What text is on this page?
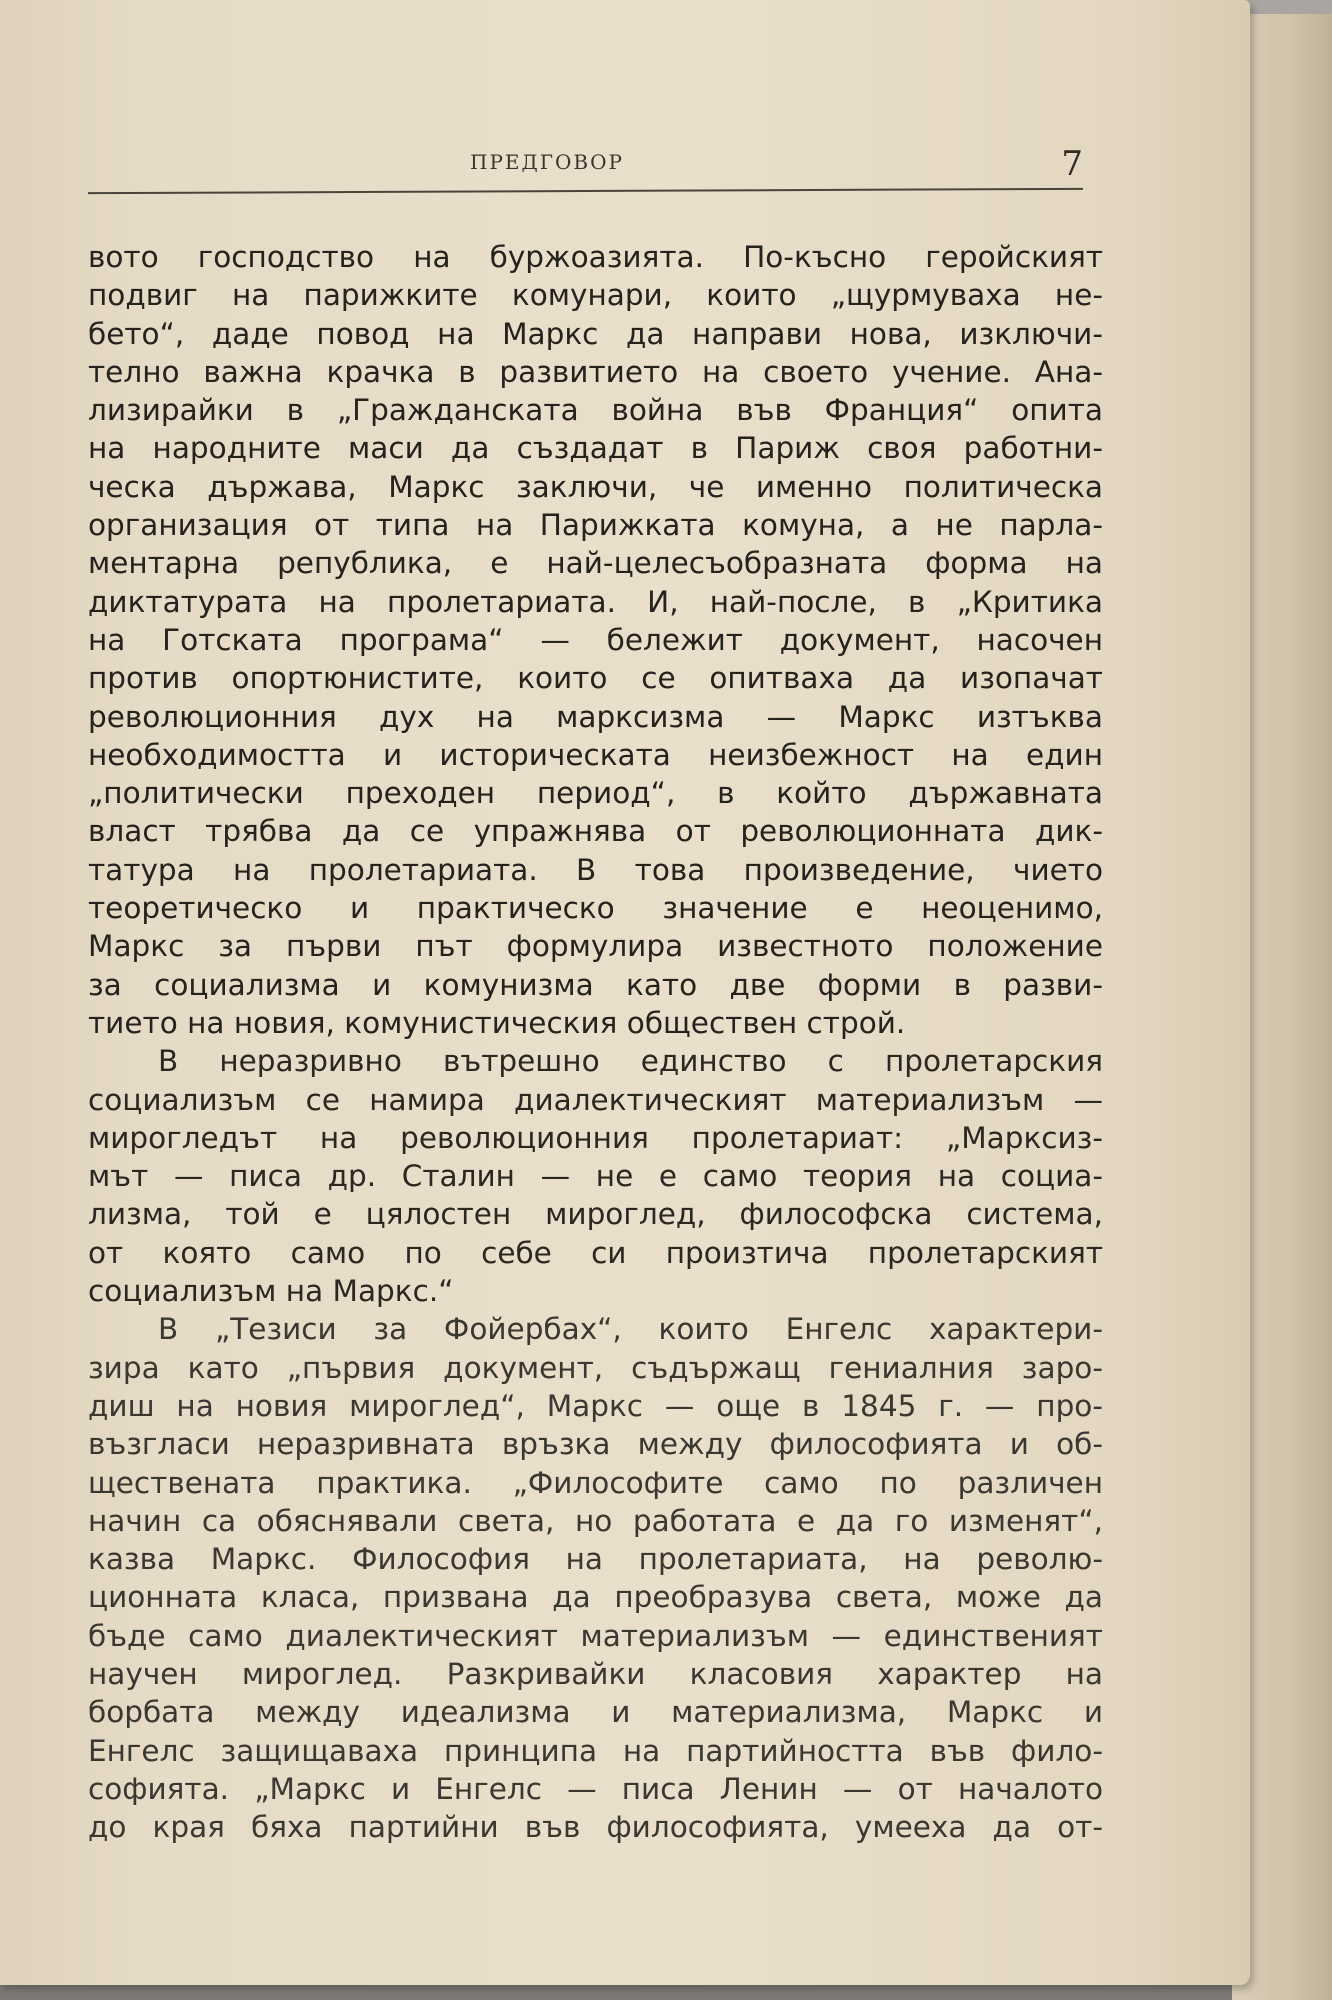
ПРЕДГОВОР	7
вото господство на буржоазията. По-късно геройският
подвиг на парижките комунари, които „щурмуваха не-
бето“, даде повод на Маркс да направи нова, изключи-
телно важна крачка в развитието на своето учение. Ана-
лизирайки в „Гражданската война във Франция“ опита
на народните маси да създадат в Париж своя работни-
ческа държава, Маркс заключи, че именно политическа
организация от типа на Парижката комуна, а не парла-
ментарна република, е най-целесъобразната форма на
диктатурата на пролетариата. И, най-после, в „Критика
на Готската програма“ — бележит документ, насочен
против опортюнистите, които се опитваха да изопачат
революционния дух на марксизма — Маркс изтъква
необходимостта и историческата неизбежност на един
„политически преходен период“, в който държавната
власт трябва да се упражнява от революционната дик-
татура на пролетариата. В това произведение, чието
теоретическо и практическо значение е неоценимо,
Маркс за първи път формулира известното положение
за социализма и комунизма като две форми в разви-
тието на новия, комунистическия обществен строй.
В неразривно вътрешно единство с пролетарския
социализъм се намира диалектическият материализъм —
мирогледът на революционния пролетариат: „Марксиз-
мът — писа др. Сталин — не е само теория на социа-
лизма, той е цялостен мироглед, философска система,
от която само по себе си произтича пролетарският
социализъм на Маркс.“
В „Тезиси за Фойербах“, които Енгелс характери-
зира като „първия документ, съдържащ гениалния заро-
диш на новия мироглед“, Маркс — още в 1845 г. — про-
възгласи неразривната връзка между философията и об-
ществената практика. „Философите само по различен
начин са обяснявали света, но работата е да го изменят“,
казва Маркс. Философия на пролетариата, на револю-
ционната класа, призвана да преобразува света, може да
бъде само диалектическият материализъм — единственият
научен мироглед. Разкривайки класовия характер на
борбата между идеализма и материализма, Маркс и
Енгелс защищаваха принципа на партийността във фило-
софията. „Маркс и Енгелс — писа Ленин — от началото
до края бяха партийни във философията, умееха да от-
